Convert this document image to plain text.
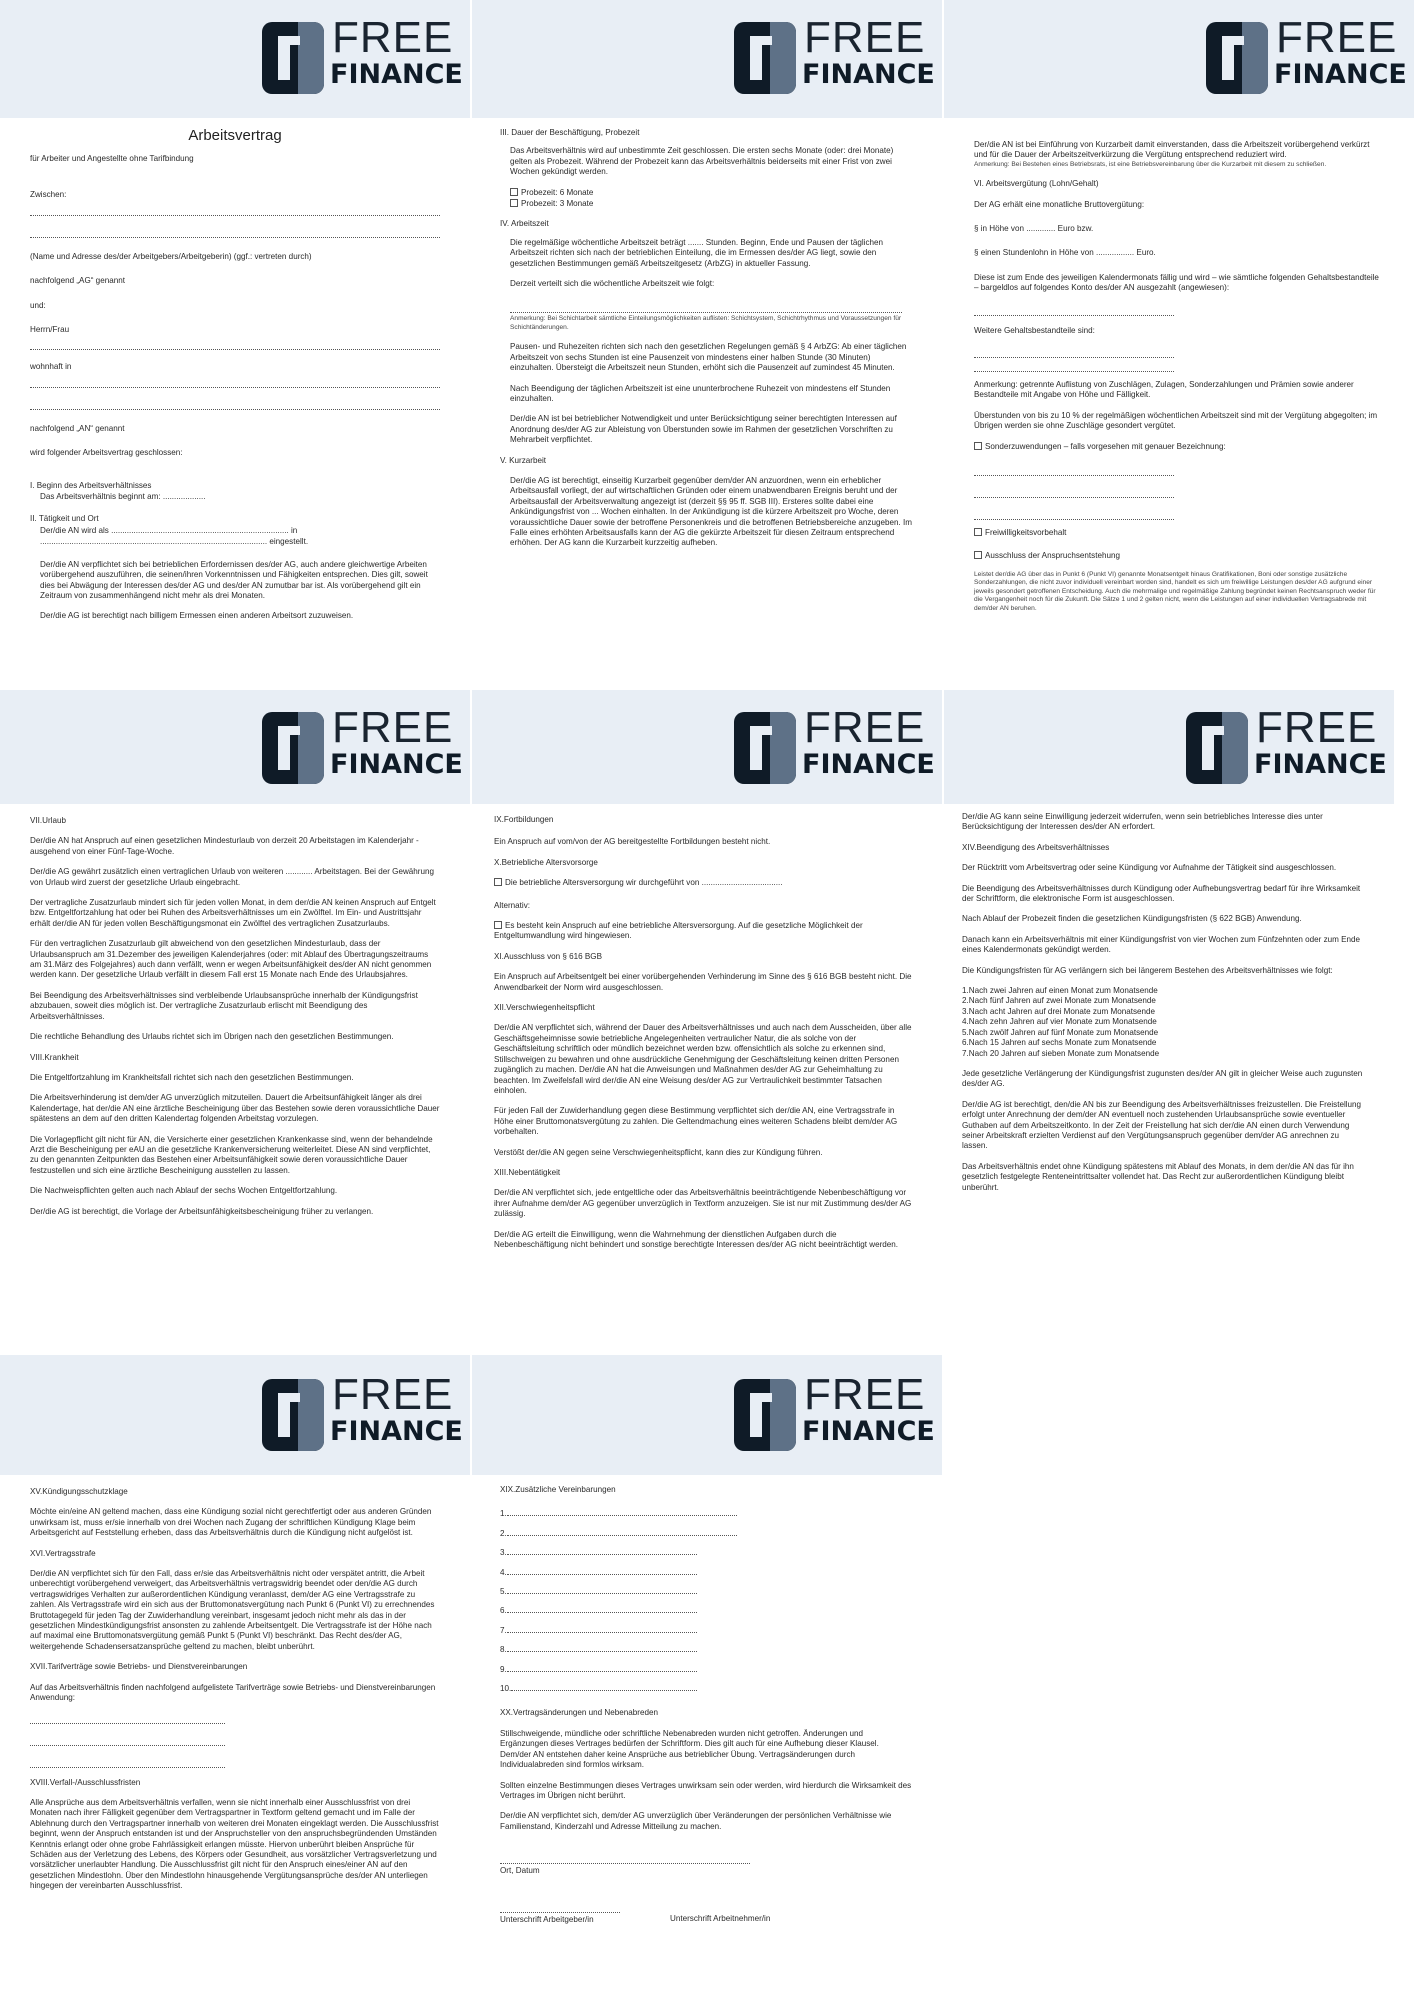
FREE
FINANCE

Arbeitsvertrag

für Arbeiter und Angestellte ohne Tarifbindung

Zwischen:

(Name und Adresse des/der Arbeitgebers/Arbeitgeberin) (ggf.: vertreten durch)

nachfolgend „AG“ genannt

und:

Herrn/Frau

wohnhaft in

nachfolgend „AN“ genannt

wird folgender Arbeitsvertrag geschlossen:

I. Beginn des Arbeitsverhältnisses

Das Arbeitsverhältnis beginnt am: ...................

II. Tätigkeit und Ort

Der/die AN wird als ............................................................................... in

..................................................................................................... eingestellt.

Der/die AN verpflichtet sich bei betrieblichen Erfordernissen des/der AG, auch andere gleichwertige Arbeiten vorübergehend auszuführen, die seinen/ihren Vorkenntnissen und Fähigkeiten entsprechen. Dies gilt, soweit dies bei Abwägung der Interessen des/der AG und des/der AN zumutbar bar ist. Als vorübergehend gilt ein Zeitraum von zusammenhängend nicht mehr als drei Monaten.

Der/die AG ist berechtigt nach billigem Ermessen einen anderen Arbeitsort zuzuweisen.

FREE
FINANCE

III. Dauer der Beschäftigung, Probezeit

Das Arbeitsverhältnis wird auf unbestimmte Zeit geschlossen. Die ersten sechs Monate (oder: drei Monate) gelten als Probezeit. Während der Probezeit kann das Arbeitsverhältnis beiderseits mit einer Frist von zwei Wochen gekündigt werden.

Probezeit: 6 Monate

Probezeit: 3 Monate

IV. Arbeitszeit

Die regelmäßige wöchentliche Arbeitszeit beträgt ....... Stunden. Beginn, Ende und Pausen der täglichen Arbeitszeit richten sich nach der betrieblichen Einteilung, die im Ermessen des/der AG liegt, sowie den gesetzlichen Bestimmungen gemäß Arbeitszeitgesetz (ArbZG) in aktueller Fassung.

Derzeit verteilt sich die wöchentliche Arbeitszeit wie folgt:

Anmerkung: Bei Schichtarbeit sämtliche Einteilungsmöglichkeiten auflisten: Schichtsystem, Schichtrhythmus und Voraussetzungen für Schichtänderungen.

Pausen- und Ruhezeiten richten sich nach den gesetzlichen Regelungen gemäß § 4 ArbZG: Ab einer täglichen Arbeitszeit von sechs Stunden ist eine Pausenzeit von mindestens einer halben Stunde (30 Minuten) einzuhalten. Übersteigt die Arbeitszeit neun Stunden, erhöht sich die Pausenzeit auf zumindest 45 Minuten.

Nach Beendigung der täglichen Arbeitszeit ist eine ununterbrochene Ruhezeit von mindestens elf Stunden einzuhalten.

Der/die AN ist bei betrieblicher Notwendigkeit und unter Berücksichtigung seiner berechtigten Interessen auf Anordnung des/der AG zur Ableistung von Überstunden sowie im Rahmen der gesetzlichen Vorschriften zu Mehrarbeit verpflichtet.

V. Kurzarbeit

Der/die AG ist berechtigt, einseitig Kurzarbeit gegenüber dem/der AN anzuordnen, wenn ein erheblicher Arbeitsausfall vorliegt, der auf wirtschaftlichen Gründen oder einem unabwendbaren Ereignis beruht und der Arbeitsausfall der Arbeitsverwaltung angezeigt ist (derzeit §§ 95 ff. SGB III). Ersteres sollte dabei eine Ankündigungsfrist von ... Wochen einhalten. In der Ankündigung ist die kürzere Arbeitszeit pro Woche, deren voraussichtliche Dauer sowie der betroffene Personenkreis und die betroffenen Betriebsbereiche anzugeben. Im Falle eines erhöhten Arbeitsausfalls kann der AG die gekürzte Arbeitszeit für diesen Zeitraum entsprechend erhöhen. Der AG kann die Kurzarbeit kurzzeitig aufheben.

FREE
FINANCE

Der/die AN ist bei Einführung von Kurzarbeit damit einverstanden, dass die Arbeitszeit vorübergehend verkürzt und für die Dauer der Arbeitszeitverkürzung die Vergütung entsprechend reduziert wird.

Anmerkung: Bei Bestehen eines Betriebsrats, ist eine Betriebsvereinbarung über die Kurzarbeit mit diesem zu schließen.

VI. Arbeitsvergütung (Lohn/Gehalt)

Der AG erhält eine monatliche Bruttovergütung:

§ in Höhe von ............. Euro bzw.

§ einen Stundenlohn in Höhe von ................. Euro.

Diese ist zum Ende des jeweiligen Kalendermonats fällig und wird – wie sämtliche folgenden Gehaltsbestandteile – bargeldlos auf folgendes Konto des/der AN ausgezahlt (angewiesen):

Weitere Gehaltsbestandteile sind:

Anmerkung: getrennte Auflistung von Zuschlägen, Zulagen, Sonderzahlungen und Prämien sowie anderer Bestandteile mit Angabe von Höhe und Fälligkeit.

Überstunden von bis zu 10 % der regelmäßigen wöchentlichen Arbeitszeit sind mit der Vergütung abgegolten; im Übrigen werden sie ohne Zuschläge gesondert vergütet.

Sonderzuwendungen – falls vorgesehen mit genauer Bezeichnung:

Freiwilligkeitsvorbehalt

Ausschluss der Anspruchsentstehung

Leistet der/die AG über das in Punkt 6 (Punkt VI) genannte Monatsentgelt hinaus Gratifikationen, Boni oder sonstige zusätzliche Sonderzahlungen, die nicht zuvor individuell vereinbart worden sind, handelt es sich um freiwillige Leistungen des/der AG aufgrund einer jeweils gesondert getroffenen Entscheidung. Auch die mehrmalige und regelmäßige Zahlung begründet keinen Rechtsanspruch weder für die Vergangenheit noch für die Zukunft. Die Sätze 1 und 2 gelten nicht, wenn die Leistungen auf einer individuellen Vertragsabrede mit dem/der AN beruhen.

FREE
FINANCE

VII.Urlaub

Der/die AN hat Anspruch auf einen gesetzlichen Mindesturlaub von derzeit 20 Arbeitstagen im Kalenderjahr - ausgehend von einer Fünf-Tage-Woche.

Der/die AG gewährt zusätzlich einen vertraglichen Urlaub von weiteren ............ Arbeitstagen. Bei der Gewährung von Urlaub wird zuerst der gesetzliche Urlaub eingebracht.

Der vertragliche Zusatzurlaub mindert sich für jeden vollen Monat, in dem der/die AN keinen Anspruch auf Entgelt bzw. Entgeltfortzahlung hat oder bei Ruhen des Arbeitsverhältnisses um ein Zwölftel. Im Ein- und Austrittsjahr erhält der/die AN für jeden vollen Beschäftigungsmonat ein Zwölftel des vertraglichen Zusatzurlaubs.

Für den vertraglichen Zusatzurlaub gilt abweichend von den gesetzlichen Mindesturlaub, dass der Urlaubsanspruch am 31.Dezember des jeweiligen Kalenderjahres (oder: mit Ablauf des Übertragungszeitraums am 31.März des Folgejahres) auch dann verfällt, wenn er wegen Arbeitsunfähigkeit des/der AN nicht genommen werden kann. Der gesetzliche Urlaub verfällt in diesem Fall erst 15 Monate nach Ende des Urlaubsjahres.

Bei Beendigung des Arbeitsverhältnisses sind verbleibende Urlaubsansprüche innerhalb der Kündigungsfrist abzubauen, soweit dies möglich ist. Der vertragliche Zusatzurlaub erlischt mit Beendigung des Arbeitsverhältnisses.

Die rechtliche Behandlung des Urlaubs richtet sich im Übrigen nach den gesetzlichen Bestimmungen.

VIII.Krankheit

Die Entgeltfortzahlung im Krankheitsfall richtet sich nach den gesetzlichen Bestimmungen.

Die Arbeitsverhinderung ist dem/der AG unverzüglich mitzuteilen. Dauert die Arbeitsunfähigkeit länger als drei Kalendertage, hat der/die AN eine ärztliche Bescheinigung über das Bestehen sowie deren voraussichtliche Dauer spätestens an dem auf den dritten Kalendertag folgenden Arbeitstag vorzulegen.

Die Vorlagepflicht gilt nicht für AN, die Versicherte einer gesetzlichen Krankenkasse sind, wenn der behandelnde Arzt die Bescheinigung per eAU an die gesetzliche Krankenversicherung weiterleitet. Diese AN sind verpflichtet, zu den genannten Zeitpunkten das Bestehen einer Arbeitsunfähigkeit sowie deren voraussichtliche Dauer festzustellen und sich eine ärztliche Bescheinigung ausstellen zu lassen.

Die Nachweispflichten gelten auch nach Ablauf der sechs Wochen Entgeltfortzahlung.

Der/die AG ist berechtigt, die Vorlage der Arbeitsunfähigkeitsbescheinigung früher zu verlangen.

FREE
FINANCE

IX.Fortbildungen

Ein Anspruch auf vom/von der AG bereitgestellte Fortbildungen besteht nicht.

X.Betriebliche Altersvorsorge

Die betriebliche Altersversorgung wir durchgeführt von ....................................

Alternativ:

Es besteht kein Anspruch auf eine betriebliche Altersversorgung. Auf die gesetzliche Möglichkeit der Entgeltumwandlung wird hingewiesen.

XI.Ausschluss von § 616 BGB

Ein Anspruch auf Arbeitsentgelt bei einer vorübergehenden Verhinderung im Sinne des § 616 BGB besteht nicht. Die Anwendbarkeit der Norm wird ausgeschlossen.

XII.Verschwiegenheitspflicht

Der/die AN verpflichtet sich, während der Dauer des Arbeitsverhältnisses und auch nach dem Ausscheiden, über alle Geschäftsgeheimnisse sowie betriebliche Angelegenheiten vertraulicher Natur, die als solche von der Geschäftsleitung schriftlich oder mündlich bezeichnet werden bzw. offensichtlich als solche zu erkennen sind, Stillschweigen zu bewahren und ohne ausdrückliche Genehmigung der Geschäftsleitung keinen dritten Personen zugänglich zu machen. Der/die AN hat die Anweisungen und Maßnahmen des/der AG zur Geheimhaltung zu beachten. Im Zweifelsfall wird der/die AN eine Weisung des/der AG zur Vertraulichkeit bestimmter Tatsachen einholen.

Für jeden Fall der Zuwiderhandlung gegen diese Bestimmung verpflichtet sich der/die AN, eine Vertragsstrafe in Höhe einer Bruttomonatsvergütung zu zahlen. Die Geltendmachung eines weiteren Schadens bleibt dem/der AG vorbehalten.

Verstößt der/die AN gegen seine Verschwiegenheitspflicht, kann dies zur Kündigung führen.

XIII.Nebentätigkeit

Der/die AN verpflichtet sich, jede entgeltliche oder das Arbeitsverhältnis beeinträchtigende Nebenbeschäftigung vor ihrer Aufnahme dem/der AG gegenüber unverzüglich in Textform anzuzeigen. Sie ist nur mit Zustimmung des/der AG zulässig.

Der/die AG erteilt die Einwilligung, wenn die Wahrnehmung der dienstlichen Aufgaben durch die Nebenbeschäftigung nicht behindert und sonstige berechtigte Interessen des/der AG nicht beeinträchtigt werden.

FREE
FINANCE

Der/die AG kann seine Einwilligung jederzeit widerrufen, wenn sein betriebliches Interesse dies unter Berücksichtigung der Interessen des/der AN erfordert.

XIV.Beendigung des Arbeitsverhältnisses

Der Rücktritt vom Arbeitsvertrag oder seine Kündigung vor Aufnahme der Tätigkeit sind ausgeschlossen.

Die Beendigung des Arbeitsverhältnisses durch Kündigung oder Aufhebungsvertrag bedarf für ihre Wirksamkeit der Schriftform, die elektronische Form ist ausgeschlossen.

Nach Ablauf der Probezeit finden die gesetzlichen Kündigungsfristen (§ 622 BGB) Anwendung.

Danach kann ein Arbeitsverhältnis mit einer Kündigungsfrist von vier Wochen zum Fünfzehnten oder zum Ende eines Kalendermonats gekündigt werden.

Die Kündigungsfristen für AG verlängern sich bei längerem Bestehen des Arbeitsverhältnisses wie folgt:

1.Nach zwei Jahren auf einen Monat zum Monatsende

2.Nach fünf Jahren auf zwei Monate zum Monatsende

3.Nach acht Jahren auf drei Monate zum Monatsende

4.Nach zehn Jahren auf vier Monate zum Monatsende

5.Nach zwölf Jahren auf fünf Monate zum Monatsende

6.Nach 15 Jahren auf sechs Monate zum Monatsende

7.Nach 20 Jahren auf sieben Monate zum Monatsende

Jede gesetzliche Verlängerung der Kündigungsfrist zugunsten des/der AN gilt in gleicher Weise auch zugunsten des/der AG.

Der/die AG ist berechtigt, den/die AN bis zur Beendigung des Arbeitsverhältnisses freizustellen. Die Freistellung erfolgt unter Anrechnung der dem/der AN eventuell noch zustehenden Urlaubsansprüche sowie eventueller Guthaben auf dem Arbeitszeitkonto. In der Zeit der Freistellung hat sich der/die AN einen durch Verwendung seiner Arbeitskraft erzielten Verdienst auf den Vergütungsanspruch gegenüber dem/der AG anrechnen zu lassen.

Das Arbeitsverhältnis endet ohne Kündigung spätestens mit Ablauf des Monats, in dem der/die AN das für ihn gesetzlich festgelegte Renteneintrittsalter vollendet hat. Das Recht zur außerordentlichen Kündigung bleibt unberührt.

FREE
FINANCE

XV.Kündigungsschutzklage

Möchte ein/eine AN geltend machen, dass eine Kündigung sozial nicht gerechtfertigt oder aus anderen Gründen unwirksam ist, muss er/sie innerhalb von drei Wochen nach Zugang der schriftlichen Kündigung Klage beim Arbeitsgericht auf Feststellung erheben, dass das Arbeitsverhältnis durch die Kündigung nicht aufgelöst ist.

XVI.Vertragsstrafe

Der/die AN verpflichtet sich für den Fall, dass er/sie das Arbeitsverhältnis nicht oder verspätet antritt, die Arbeit unberechtigt vorübergehend verweigert, das Arbeitsverhältnis vertragswidrig beendet oder den/die AG durch vertragswidriges Verhalten zur außerordentlichen Kündigung veranlasst, dem/der AG eine Vertragsstrafe zu zahlen. Als Vertragsstrafe wird ein sich aus der Bruttomonatsvergütung nach Punkt 6 (Punkt VI) zu errechnendes Bruttotagegeld für jeden Tag der Zuwiderhandlung vereinbart, insgesamt jedoch nicht mehr als das in der gesetzlichen Mindestkündigungsfrist ansonsten zu zahlende Arbeitsentgelt. Die Vertragsstrafe ist der Höhe nach auf maximal eine Bruttomonatsvergütung gemäß Punkt 5 (Punkt VI) beschränkt. Das Recht des/der AG, weitergehende Schadensersatzansprüche geltend zu machen, bleibt unberührt.

XVII.Tarifverträge sowie Betriebs- und Dienstvereinbarungen

Auf das Arbeitsverhältnis finden nachfolgend aufgelistete Tarifverträge sowie Betriebs- und Dienstvereinbarungen Anwendung:

XVIII.Verfall-/Ausschlussfristen

Alle Ansprüche aus dem Arbeitsverhältnis verfallen, wenn sie nicht innerhalb einer Ausschlussfrist von drei Monaten nach ihrer Fälligkeit gegenüber dem Vertragspartner in Textform geltend gemacht und im Falle der Ablehnung durch den Vertragspartner innerhalb von weiteren drei Monaten eingeklagt werden. Die Ausschlussfrist beginnt, wenn der Anspruch entstanden ist und der Anspruchsteller von den anspruchsbegründenden Umständen Kenntnis erlangt oder ohne grobe Fahrlässigkeit erlangen müsste. Hiervon unberührt bleiben Ansprüche für Schäden aus der Verletzung des Lebens, des Körpers oder Gesundheit, aus vorsätzlicher Vertragsverletzung und vorsätzlicher unerlaubter Handlung. Die Ausschlussfrist gilt nicht für den Anspruch eines/einer AN auf den gesetzlichen Mindestlohn. Über den Mindestlohn hinausgehende Vergütungsansprüche des/der AN unterliegen hingegen der vereinbarten Ausschlussfrist.

FREE
FINANCE

XIX.Zusätzliche Vereinbarungen

1.

2.

3.

4.

5.

6.

7.

8.

9.

10.

XX.Vertragsänderungen und Nebenabreden

Stillschweigende, mündliche oder schriftliche Nebenabreden wurden nicht getroffen. Änderungen und Ergänzungen dieses Vertrages bedürfen der Schriftform. Dies gilt auch für eine Aufhebung dieser Klausel. Dem/der AN entstehen daher keine Ansprüche aus betrieblicher Übung. Vertragsänderungen durch Individualabreden sind formlos wirksam.

Sollten einzelne Bestimmungen dieses Vertrages unwirksam sein oder werden, wird hierdurch die Wirksamkeit des Vertrages im Übrigen nicht berührt.

Der/die AN verpflichtet sich, dem/der AG unverzüglich über Veränderungen der persönlichen Verhältnisse wie Familienstand, Kinderzahl und Adresse Mitteilung zu machen.

Ort, Datum

Unterschrift Arbeitgeber/in	Unterschrift Arbeitnehmer/in
